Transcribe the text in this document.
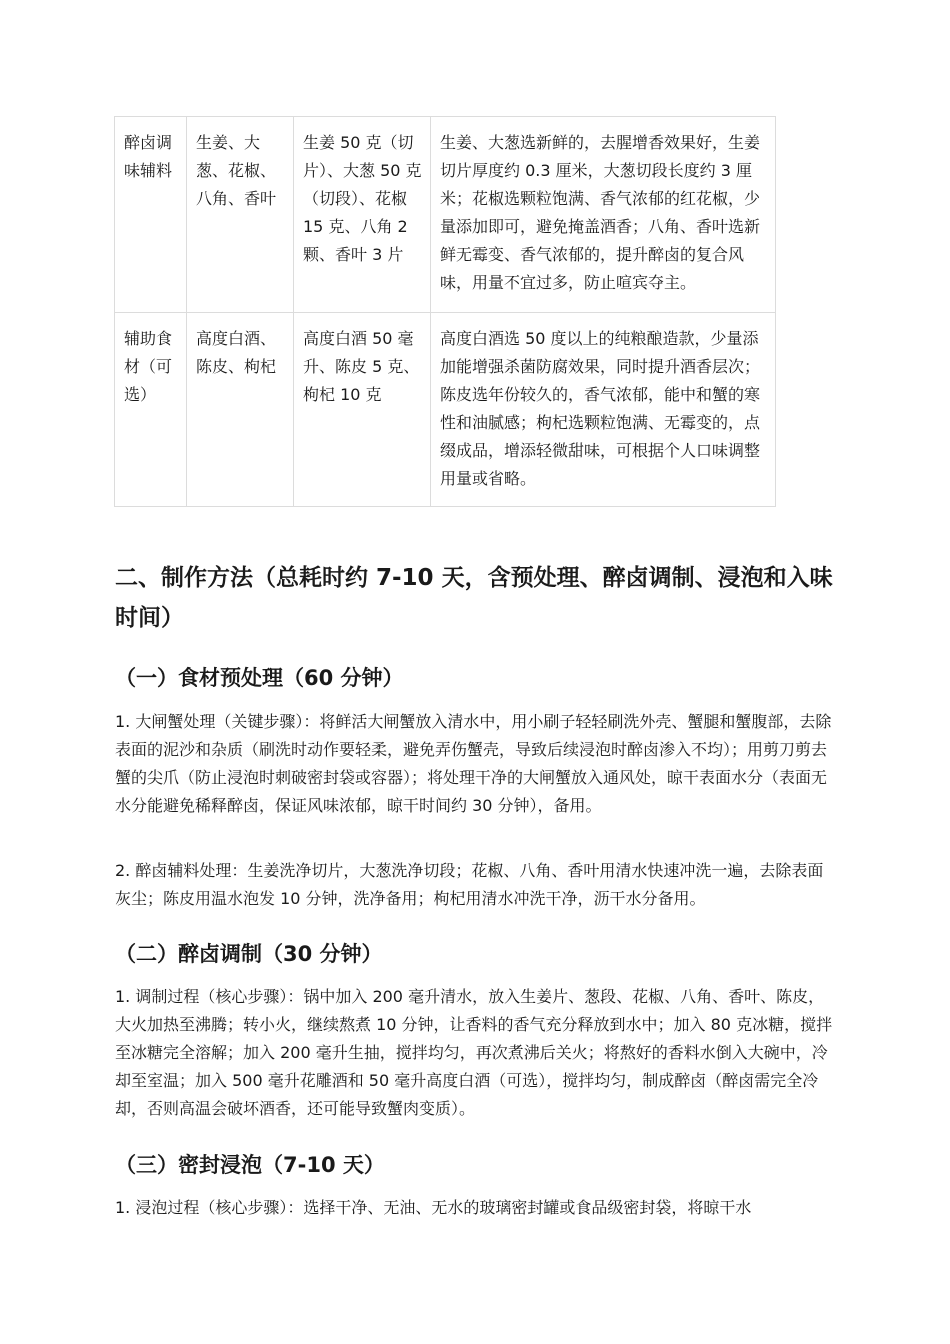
醉卤调味辅料	生姜、大葱、花椒、八角、香叶	生姜 50 克（切片）、大葱 50 克（切段）、花椒 15 克、八角 2 颗、香叶 3 片	生姜、大葱选新鲜的，去腥增香效果好，生姜切片厚度约 0.3 厘米，大葱切段长度约 3 厘米；花椒选颗粒饱满、香气浓郁的红花椒，少量添加即可，避免掩盖酒香；八角、香叶选新鲜无霉变、香气浓郁的，提升醉卤的复合风味，用量不宜过多，防止喧宾夺主。
辅助食材（可选）	高度白酒、陈皮、枸杞	高度白酒 50 毫升、陈皮 5 克、枸杞 10 克	高度白酒选 50 度以上的纯粮酿造款，少量添加能增强杀菌防腐效果，同时提升酒香层次；陈皮选年份较久的，香气浓郁，能中和蟹的寒性和油腻感；枸杞选颗粒饱满、无霉变的，点缀成品，增添轻微甜味，可根据个人口味调整用量或省略。
二、制作方法（总耗时约 7-10 天，含预处理、醉卤调制、浸泡和入味时间）
（一）食材预处理（60 分钟）

1. 大闸蟹处理（关键步骤）：将鲜活大闸蟹放入清水中，用小刷子轻轻刷洗外壳、蟹腿和蟹腹部，去除表面的泥沙和杂质（刷洗时动作要轻柔，避免弄伤蟹壳，导致后续浸泡时醉卤渗入不均）；用剪刀剪去蟹的尖爪（防止浸泡时刺破密封袋或容器）；将处理干净的大闸蟹放入通风处，晾干表面水分（表面无水分能避免稀释醉卤，保证风味浓郁，晾干时间约 30 分钟），备用。

2. 醉卤辅料处理：生姜洗净切片，大葱洗净切段；花椒、八角、香叶用清水快速冲洗一遍，去除表面灰尘；陈皮用温水泡发 10 分钟，洗净备用；枸杞用清水冲洗干净，沥干水分备用。

（二）醉卤调制（30 分钟）

1. 调制过程（核心步骤）：锅中加入 200 毫升清水，放入生姜片、葱段、花椒、八角、香叶、陈皮，大火加热至沸腾；转小火，继续熬煮 10 分钟，让香料的香气充分释放到水中；加入 80 克冰糖，搅拌至冰糖完全溶解；加入 200 毫升生抽，搅拌均匀，再次煮沸后关火；将熬好的香料水倒入大碗中，冷却至室温；加入 500 毫升花雕酒和 50 毫升高度白酒（可选），搅拌均匀，制成醉卤（醉卤需完全冷却，否则高温会破坏酒香，还可能导致蟹肉变质）。

（三）密封浸泡（7-10 天）

1. 浸泡过程（核心步骤）：选择干净、无油、无水的玻璃密封罐或食品级密封袋，将晾干水
